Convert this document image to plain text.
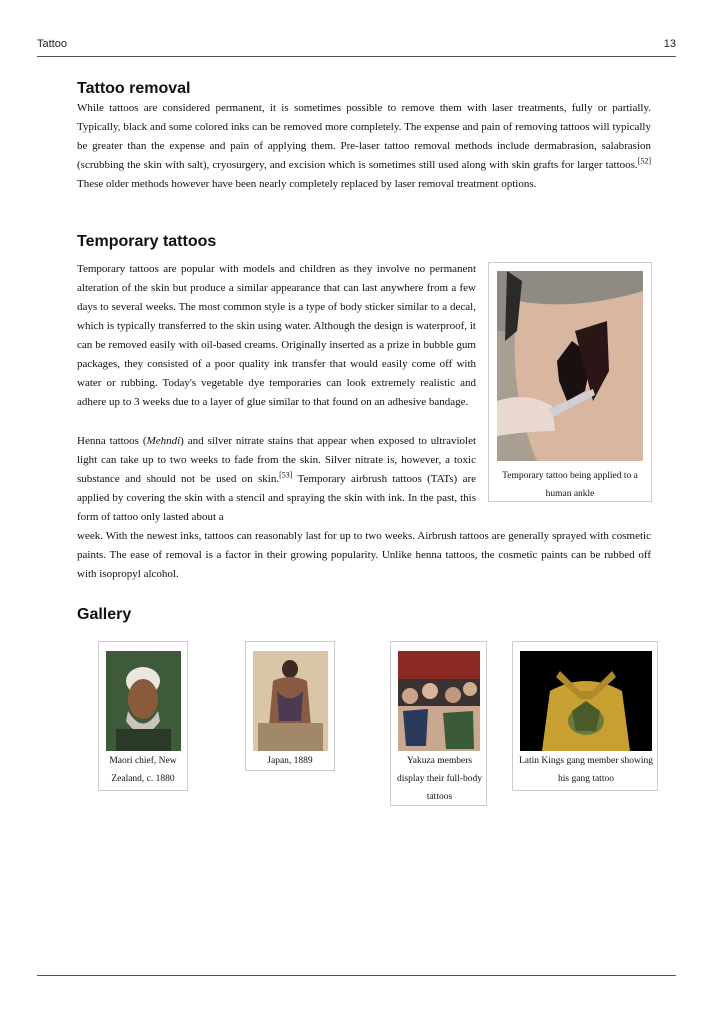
Tattoo	13
Tattoo removal

While tattoos are considered permanent, it is sometimes possible to remove them with laser treatments, fully or partially. Typically, black and some colored inks can be removed more completely. The expense and pain of removing tattoos will typically be greater than the expense and pain of applying them. Pre-laser tattoo removal methods include dermabrasion, salabrasion (scrubbing the skin with salt), cryosurgery, and excision which is sometimes still used along with skin grafts for larger tattoos.[52] These older methods however have been nearly completely replaced by laser removal treatment options.

Temporary tattoos

Temporary tattoos are popular with models and children as they involve no permanent alteration of the skin but produce a similar appearance that can last anywhere from a few days to several weeks. The most common style is a type of body sticker similar to a decal, which is typically transferred to the skin using water. Although the design is waterproof, it can be removed easily with oil-based creams. Originally inserted as a prize in bubble gum packages, they consisted of a poor quality ink transfer that would easily come off with water or rubbing. Today's vegetable dye temporaries can look extremely realistic and adhere up to 3 weeks due to a layer of glue similar to that found on an adhesive bandage.

Henna tattoos (Mehndi) and silver nitrate stains that appear when exposed to ultraviolet light can take up to two weeks to fade from the skin. Silver nitrate is, however, a toxic substance and should not be used on skin.[53] Temporary airbrush tattoos (TATs) are applied by covering the skin with a stencil and spraying the skin with ink. In the past, this form of tattoo only lasted about a

week. With the newest inks, tattoos can reasonably last for up to two weeks. Airbrush tattoos are generally sprayed with cosmetic paints. The ease of removal is a factor in their growing popularity. Unlike henna tattoos, the cosmetic paints can be rubbed off with isopropyl alcohol.

Temporary tattoo being applied to a human ankle
Gallery
Maori chief, New Zealand, c. 1880
Japan, 1889	Yakuza members display their full-body tattoos
Latin Kings gang member showing his gang tattoo
